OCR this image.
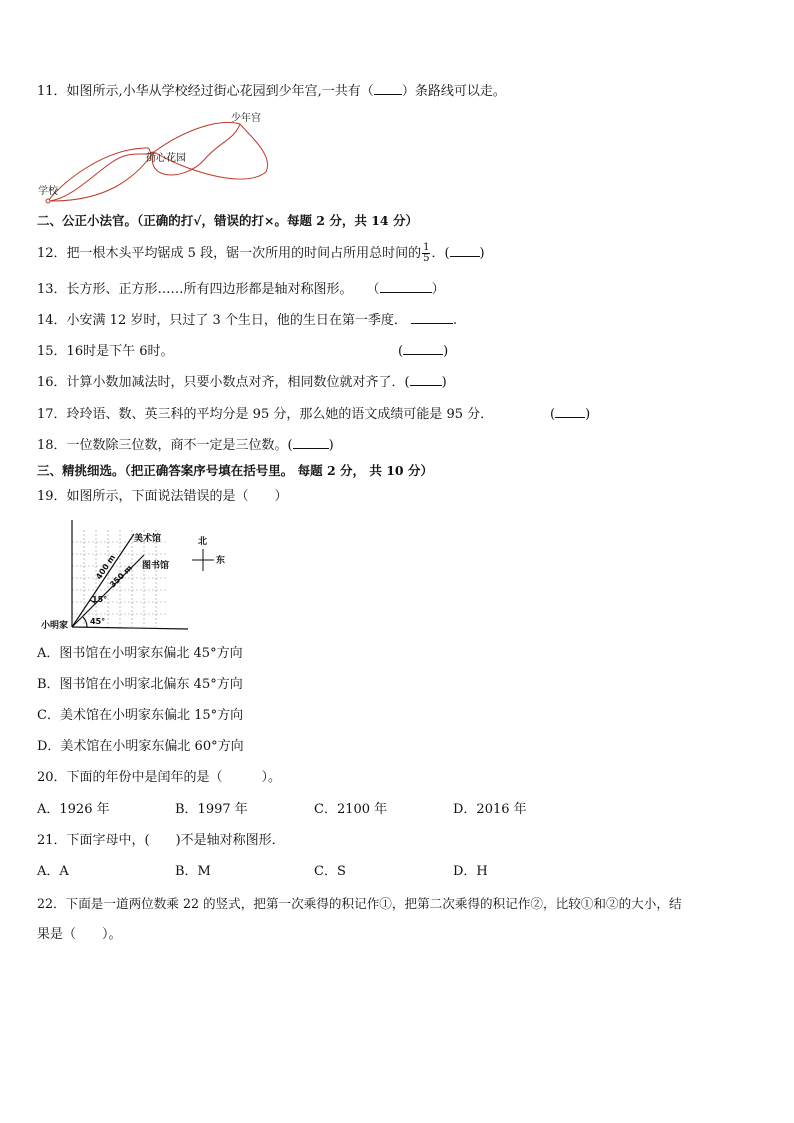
11．如图所示,小华从学校经过街心花园到少年宫,一共有（ ）条路线可以走。
少年宫
街心花园
学校
二、公正小法官。（正确的打√，错误的打×。每题 2 分，共 14 分）
12．把一根木头平均锯成 5 段，锯一次所用的时间占所用总时间的 $\frac{1}{5}$ ．( )
13．长方形、正方形……所有四边形都是轴对称图形。 （	）
14．小安满 12 岁时，只过了 3 个生日，他的生日在第一季度．	.
15．16时是下午 6时。	(	)
16．计算小数加减法时，只要小数点对齐，相同数位就对齐了．( )
17．玲玲语、数、英三科的平均分是 95 分，那么她的语文成绩可能是 95 分．	( )
18．一位数除三位数，商不一定是三位数。(	)
三、精挑细选。（把正确答案序号填在括号里。 每题 2 分， 共 10 分）
19．如图所示，下面说法错误的是（　　）
美术馆
图书馆
小明家
400 m
350 m
15°
45°
北
东
A．图书馆在小明家东偏北 45°方向
B．图书馆在小明家北偏东 45°方向
C．美术馆在小明家东偏北 15°方向
D．美术馆在小明家东偏北 60°方向
20．下面的年份中是闰年的是（　　　）。
A．1926 年	B．1997 年	C．2100 年	D．2016 年
21．下面字母中，(　　)不是轴对称图形．
A．A	B．M	C．S	D．H
22．下面是一道两位数乘 22 的竖式，把第一次乘得的积记作①，把第二次乘得的积记作②，比较①和②的大小，结
果是（　　）。
